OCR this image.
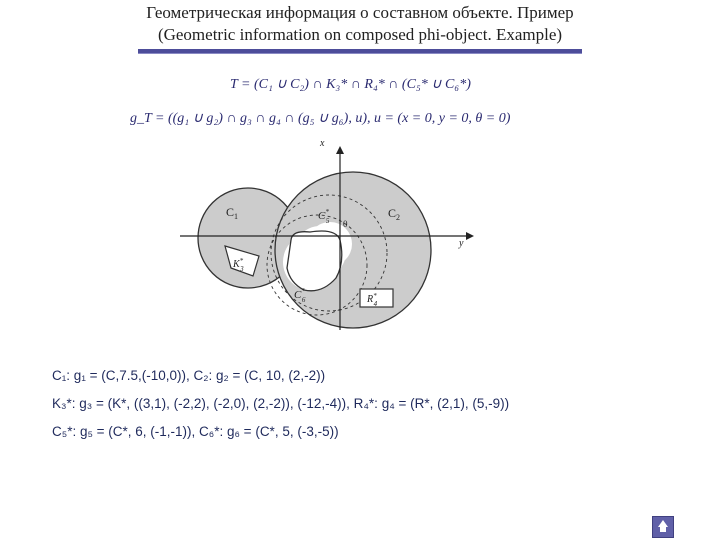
Геометрическая информация о составном объекте. Пример
(Geometric information on composed phi-object. Example)
T = (C₁ ∪ C₂) ∩ K₃* ∩ R₄* ∩ (C₅* ∪ C₆*)
g_T = ((g₁ ∪ g₂) ∩ g₃ ∩ g₄ ∩ (g₅ ∪ g₆), u), u = (x = 0, y = 0, θ = 0)
x
y
0
$C_1$	$C_2$
K* 3
R* 4
C* 5
C* 6
C₁: g₁ = (C,7.5,(-10,0)), C₂: g₂ = (C, 10, (2,-2))
K₃*: g₃ = (K*, ((3,1), (-2,2), (-2,0), (2,-2)), (-12,-4)), R₄*: g₄ = (R*, (2,1), (5,-9))
C₅*: g₅ = (C*, 6, (-1,-1)), C₆*: g₆ = (C*, 5, (-3,-5))
